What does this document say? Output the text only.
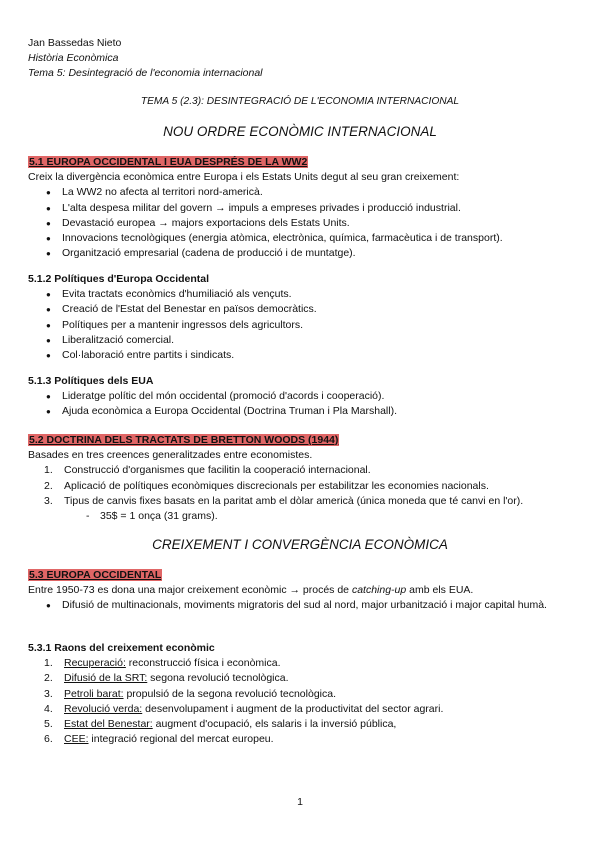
Jan Bassedas Nieto
Història Econòmica
Tema 5: Desintegració de l'economia internacional
TEMA 5 (2.3): DESINTEGRACIÓ DE L'ECONOMIA INTERNACIONAL
NOU ORDRE ECONÒMIC INTERNACIONAL
5.1 EUROPA OCCIDENTAL I EUA DESPRÉS DE LA WW2
Creix la divergència econòmica entre Europa i els Estats Units degut al seu gran creixement:
● La WW2 no afecta al territori nord-americà.
● L'alta despesa militar del govern → impuls a empreses privades i producció industrial.
● Devastació europea → majors exportacions dels Estats Units.
● Innovacions tecnològiques (energia atòmica, electrònica, química, farmacèutica i de transport).
● Organització empresarial (cadena de producció i de muntatge).
5.1.2 Polítiques d'Europa Occidental
● Evita tractats econòmics d'humiliació als vençuts.
● Creació de l'Estat del Benestar en països democràtics.
● Polítiques per a mantenir ingressos dels agricultors.
● Liberalització comercial.
● Col·laboració entre partits i sindicats.
5.1.3 Polítiques dels EUA
● Lideratge polític del món occidental (promoció d'acords i cooperació).
● Ajuda econòmica a Europa Occidental (Doctrina Truman i Pla Marshall).
5.2 DOCTRINA DELS TRACTATS DE BRETTON WOODS (1944)
Basades en tres creences generalitzades entre economistes.
1. Construcció d'organismes que facilitin la cooperació internacional.
2. Aplicació de polítiques econòmiques discrecionals per estabilitzar les economies nacionals.
3. Tipus de canvis fixes basats en la paritat amb el dòlar americà (única moneda que té canvi en l'or).
- 35$ = 1 onça (31 grams).
CREIXEMENT I CONVERGÈNCIA ECONÒMICA
5.3 EUROPA OCCIDENTAL
Entre 1950-73 es dona una major creixement econòmic → procés de catching-up amb els EUA.
● Difusió de multinacionals, moviments migratoris del sud al nord, major urbanització i major capital humà.
5.3.1 Raons del creixement econòmic
1. Recuperació: reconstrucció física i econòmica.
2. Difusió de la SRT: segona revolució tecnològica.
3. Petroli barat: propulsió de la segona revolució tecnològica.
4. Revolució verda: desenvolupament i augment de la productivitat del sector agrari.
5. Estat del Benestar: augment d'ocupació, els salaris i la inversió pública,
6. CEE: integració regional del mercat europeu.
1
